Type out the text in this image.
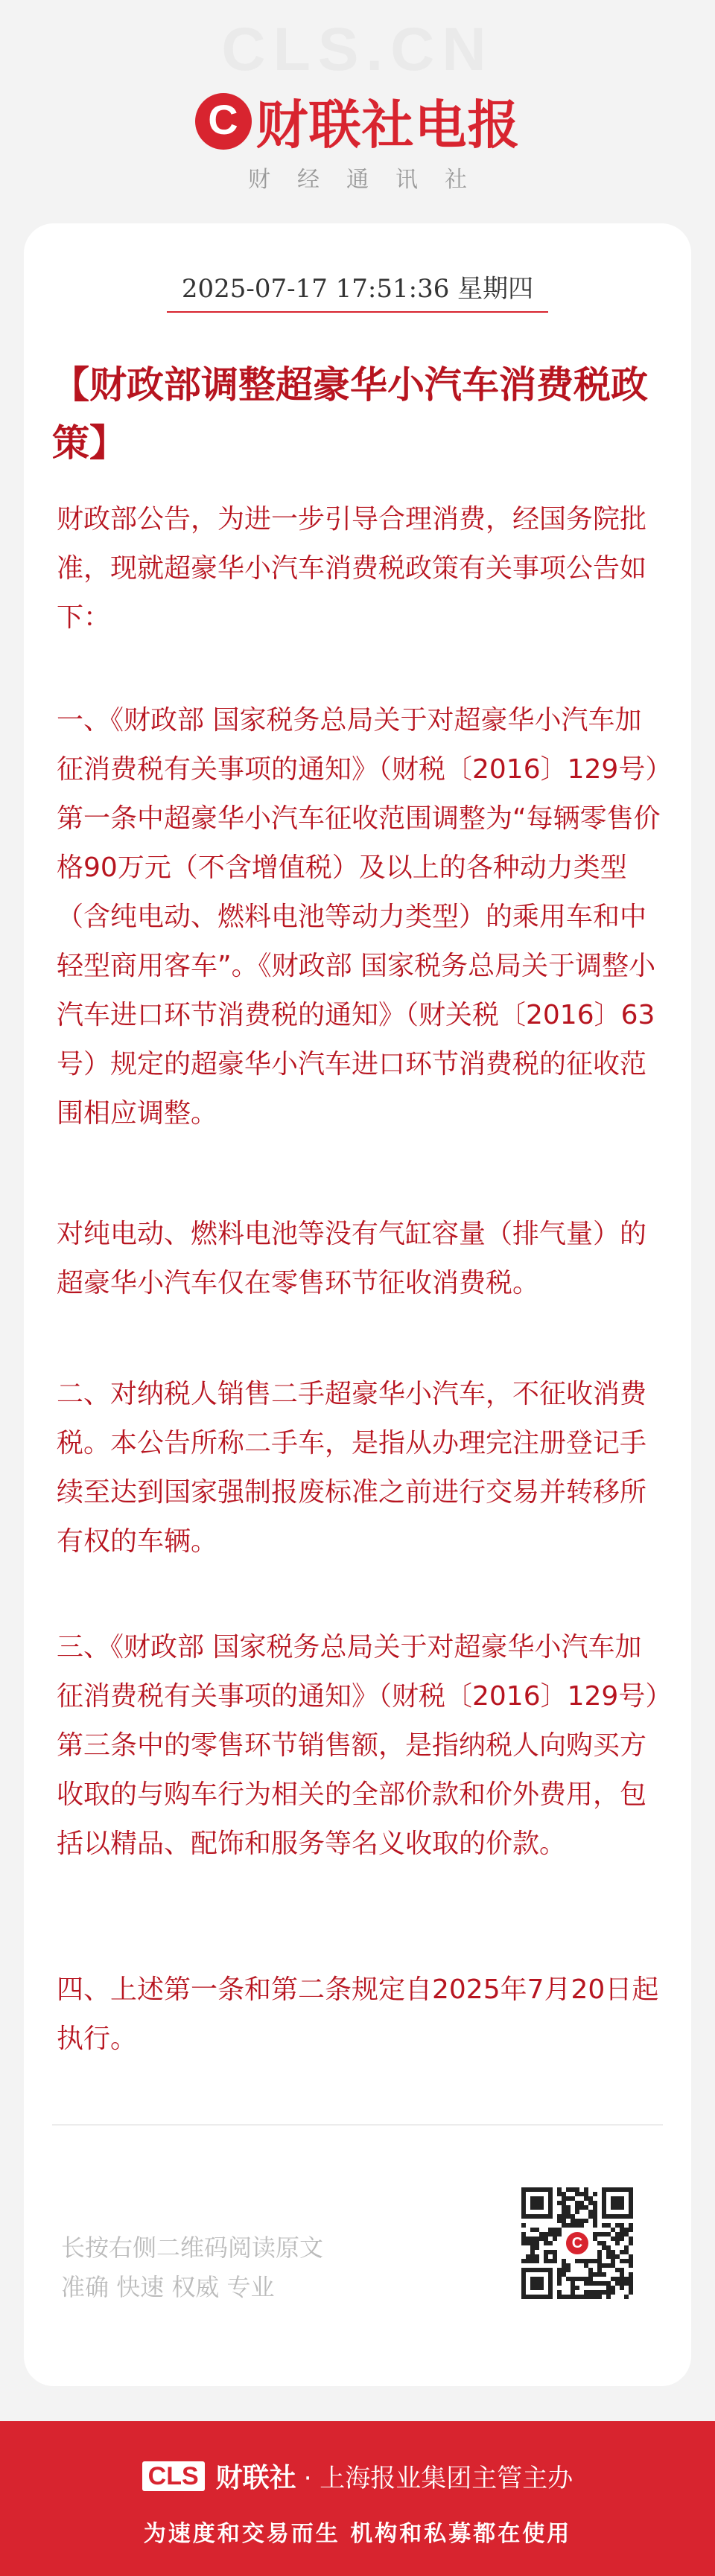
CLS.CN
C 财联社电报
财经通讯社
2025-07-17 17:51:36 星期四
【财政部调整超豪华小汽车消费税政策】
财政部公告，为进一步引导合理消费，经国务院批准，现就超豪华小汽车消费税政策有关事项公告如下：
一、《财政部 国家税务总局关于对超豪华小汽车加征消费税有关事项的通知》（财税〔2016〕129号）第一条中超豪华小汽车征收范围调整为“每辆零售价格90万元（不含增值税）及以上的各种动力类型（含纯电动、燃料电池等动力类型）的乘用车和中轻型商用客车”。《财政部 国家税务总局关于调整小汽车进口环节消费税的通知》（财关税〔2016〕63号）规定的超豪华小汽车进口环节消费税的征收范围相应调整。
对纯电动、燃料电池等没有气缸容量（排气量）的超豪华小汽车仅在零售环节征收消费税。
二、对纳税人销售二手超豪华小汽车，不征收消费税。本公告所称二手车，是指从办理完注册登记手续至达到国家强制报废标准之前进行交易并转移所有权的车辆。
三、《财政部 国家税务总局关于对超豪华小汽车加征消费税有关事项的通知》（财税〔2016〕129号）第三条中的零售环节销售额，是指纳税人向购买方收取的与购车行为相关的全部价款和价外费用，包括以精品、配饰和服务等名义收取的价款。
四、上述第一条和第二条规定自2025年7月20日起执行。
长按右侧二维码阅读原文
准确 快速 权威 专业
C
CLS 财联社 · 上海报业集团主管主办
为速度和交易而生 机构和私募都在使用
